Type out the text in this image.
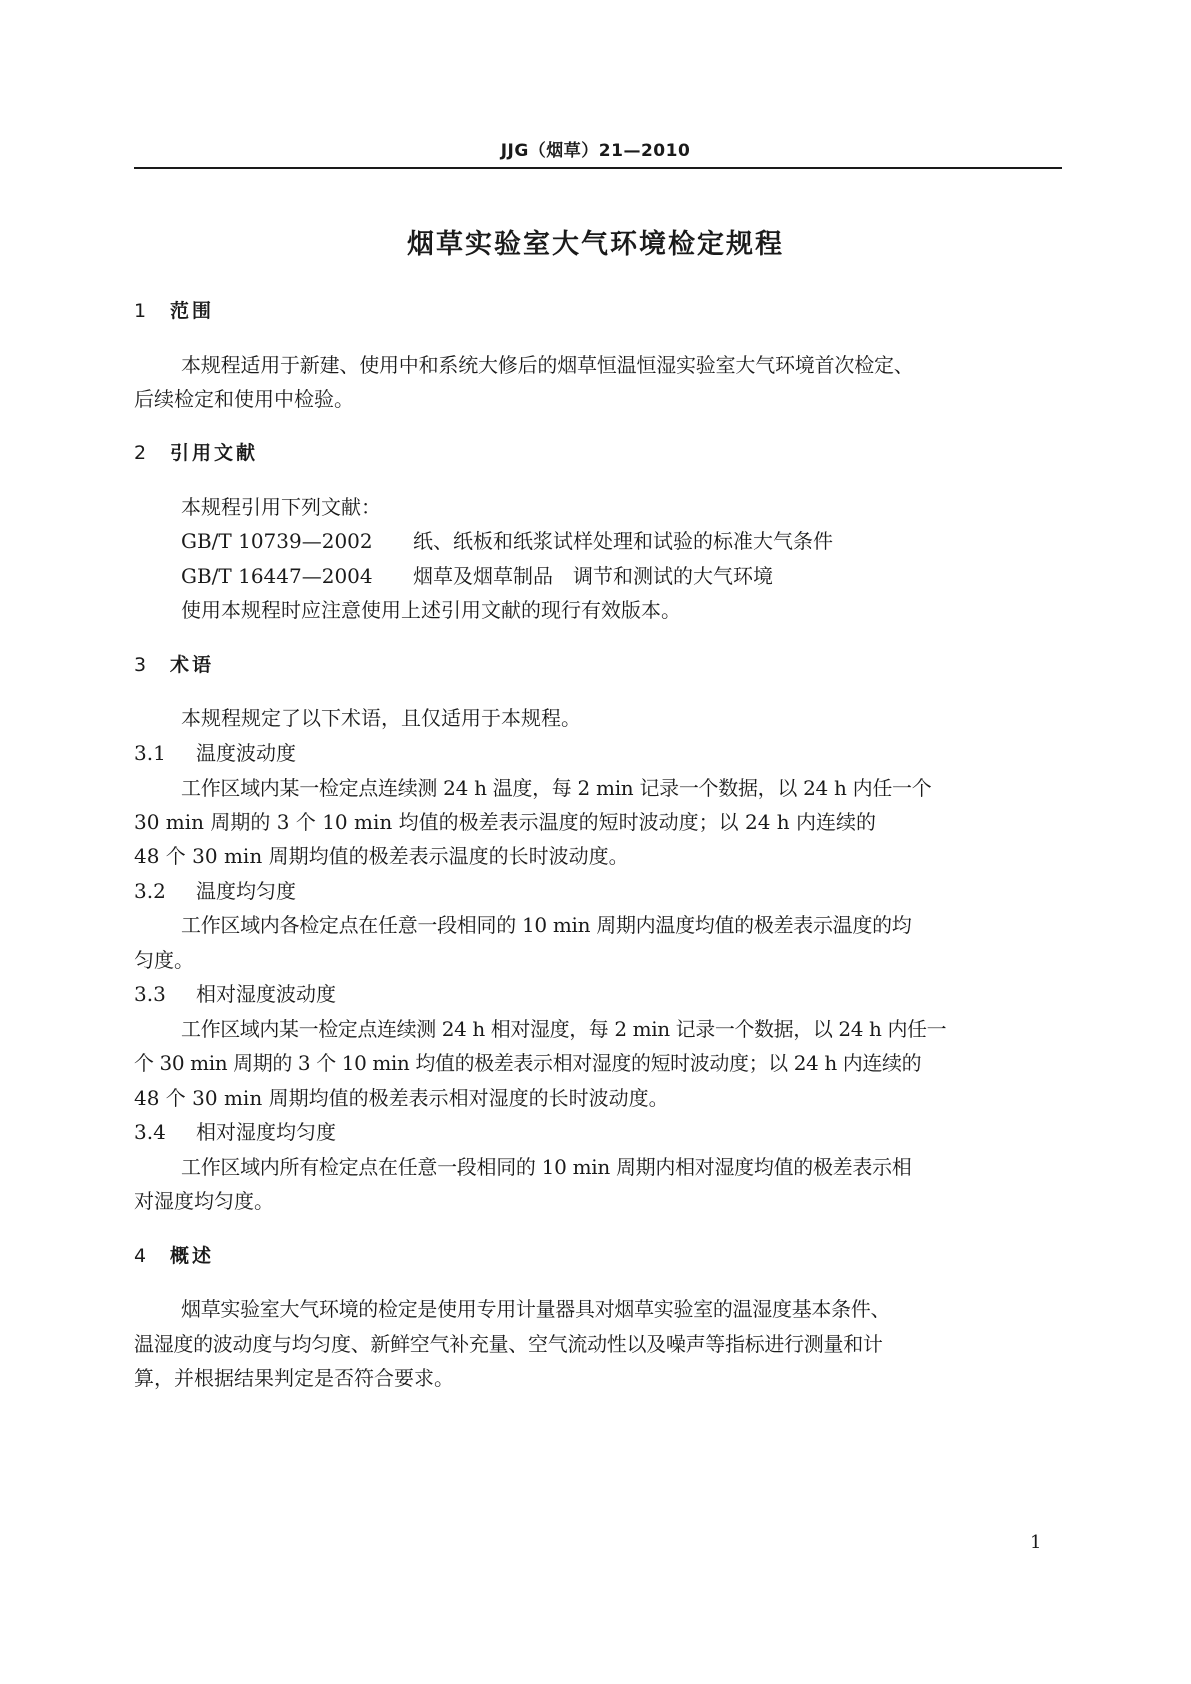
JJG（烟草）21—2010
烟草实验室大气环境检定规程
1 范围
本规程适用于新建、使用中和系统大修后的烟草恒温恒湿实验室大气环境首次检定、
后续检定和使用中检验。
2 引用文献
本规程引用下列文献：
GB/T 10739—2002 纸、纸板和纸浆试样处理和试验的标准大气条件
GB/T 16447—2004 烟草及烟草制品　调节和测试的大气环境
使用本规程时应注意使用上述引用文献的现行有效版本。
3 术语
本规程规定了以下术语，且仅适用于本规程。
3.1 温度波动度
工作区域内某一检定点连续测 24 h 温度，每 2 min 记录一个数据，以 24 h 内任一个
30 min 周期的 3 个 10 min 均值的极差表示温度的短时波动度；以 24 h 内连续的
48 个 30 min 周期均值的极差表示温度的长时波动度。
3.2 温度均匀度
工作区域内各检定点在任意一段相同的 10 min 周期内温度均值的极差表示温度的均
匀度。
3.3 相对湿度波动度
工作区域内某一检定点连续测 24 h 相对湿度，每 2 min 记录一个数据，以 24 h 内任一
个 30 min 周期的 3 个 10 min 均值的极差表示相对湿度的短时波动度；以 24 h 内连续的
48 个 30 min 周期均值的极差表示相对湿度的长时波动度。
3.4 相对湿度均匀度
工作区域内所有检定点在任意一段相同的 10 min 周期内相对湿度均值的极差表示相
对湿度均匀度。
4 概述
烟草实验室大气环境的检定是使用专用计量器具对烟草实验室的温湿度基本条件、
温湿度的波动度与均匀度、新鲜空气补充量、空气流动性以及噪声等指标进行测量和计
算，并根据结果判定是否符合要求。
1
